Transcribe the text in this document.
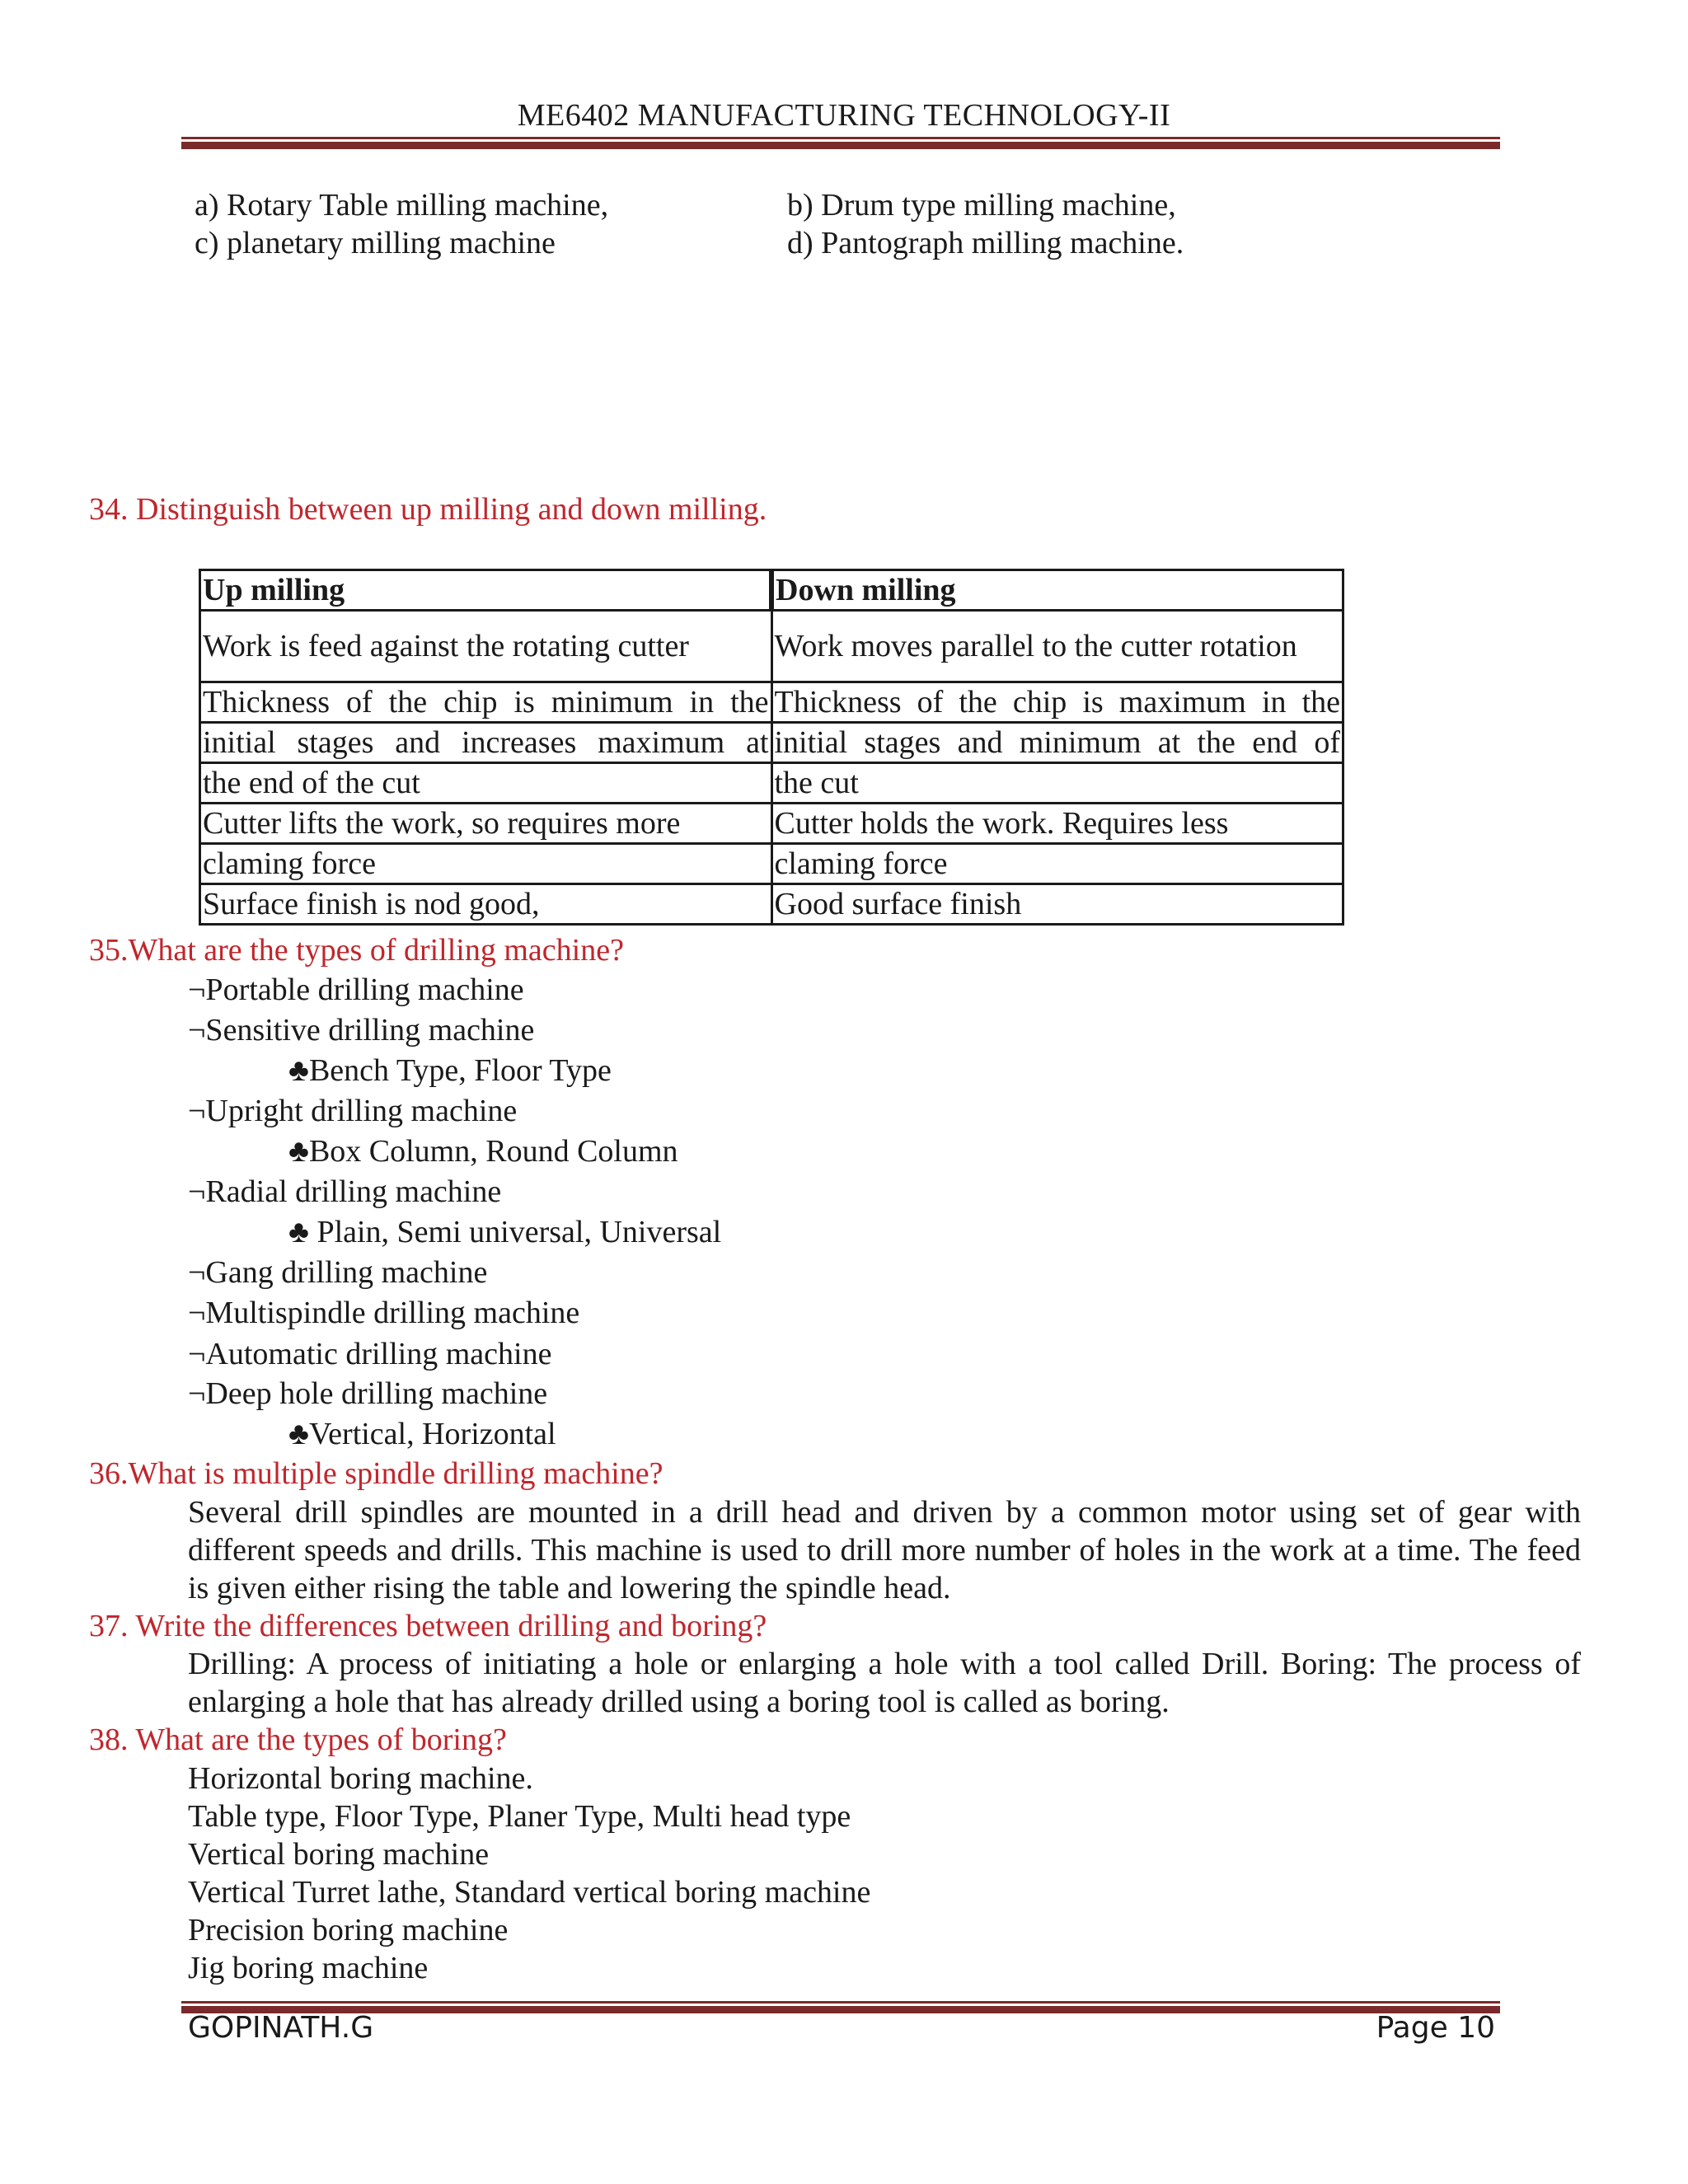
ME6402 MANUFACTURING TECHNOLOGY-II
a) Rotary Table milling machine,	b) Drum type milling machine,
c) planetary milling machine	d) Pantograph milling machine.
34. Distinguish between up milling and down milling.
Up milling	Down milling
Work is feed against the rotating cutter	Work moves parallel to the cutter rotation
Thickness of the chip is minimum in the	Thickness of the chip is maximum in the
initial stages and increases maximum at	initial stages and minimum at the end of
the end of the cut	the cut
Cutter lifts the work, so requires more	Cutter holds the work. Requires less
claming force	claming force
Surface finish is nod good,	Good surface finish
35.What are the types of drilling machine?
¬Portable drilling machine
¬Sensitive drilling machine
♣Bench Type, Floor Type
¬Upright drilling machine
♣Box Column, Round Column
¬Radial drilling machine
♣ Plain, Semi universal, Universal
¬Gang drilling machine
¬Multispindle drilling machine
¬Automatic drilling machine
¬Deep hole drilling machine
♣Vertical, Horizontal
36.What is multiple spindle drilling machine?
Several drill spindles are mounted in a drill head and driven by a common motor using set of gear with different speeds and drills. This machine is used to drill more number of holes in the work at a time. The feed is given either rising the table and lowering the spindle head.
37. Write the differences between drilling and boring?
Drilling: A process of initiating a hole or enlarging a hole with a tool called Drill. Boring: The process of enlarging a hole that has already drilled using a boring tool is called as boring.
38. What are the types of boring?
Horizontal boring machine.
Table type, Floor Type, Planer Type, Multi head type
Vertical boring machine
Vertical Turret lathe, Standard vertical boring machine
Precision boring machine
Jig boring machine
GOPINATH.G	Page 10
